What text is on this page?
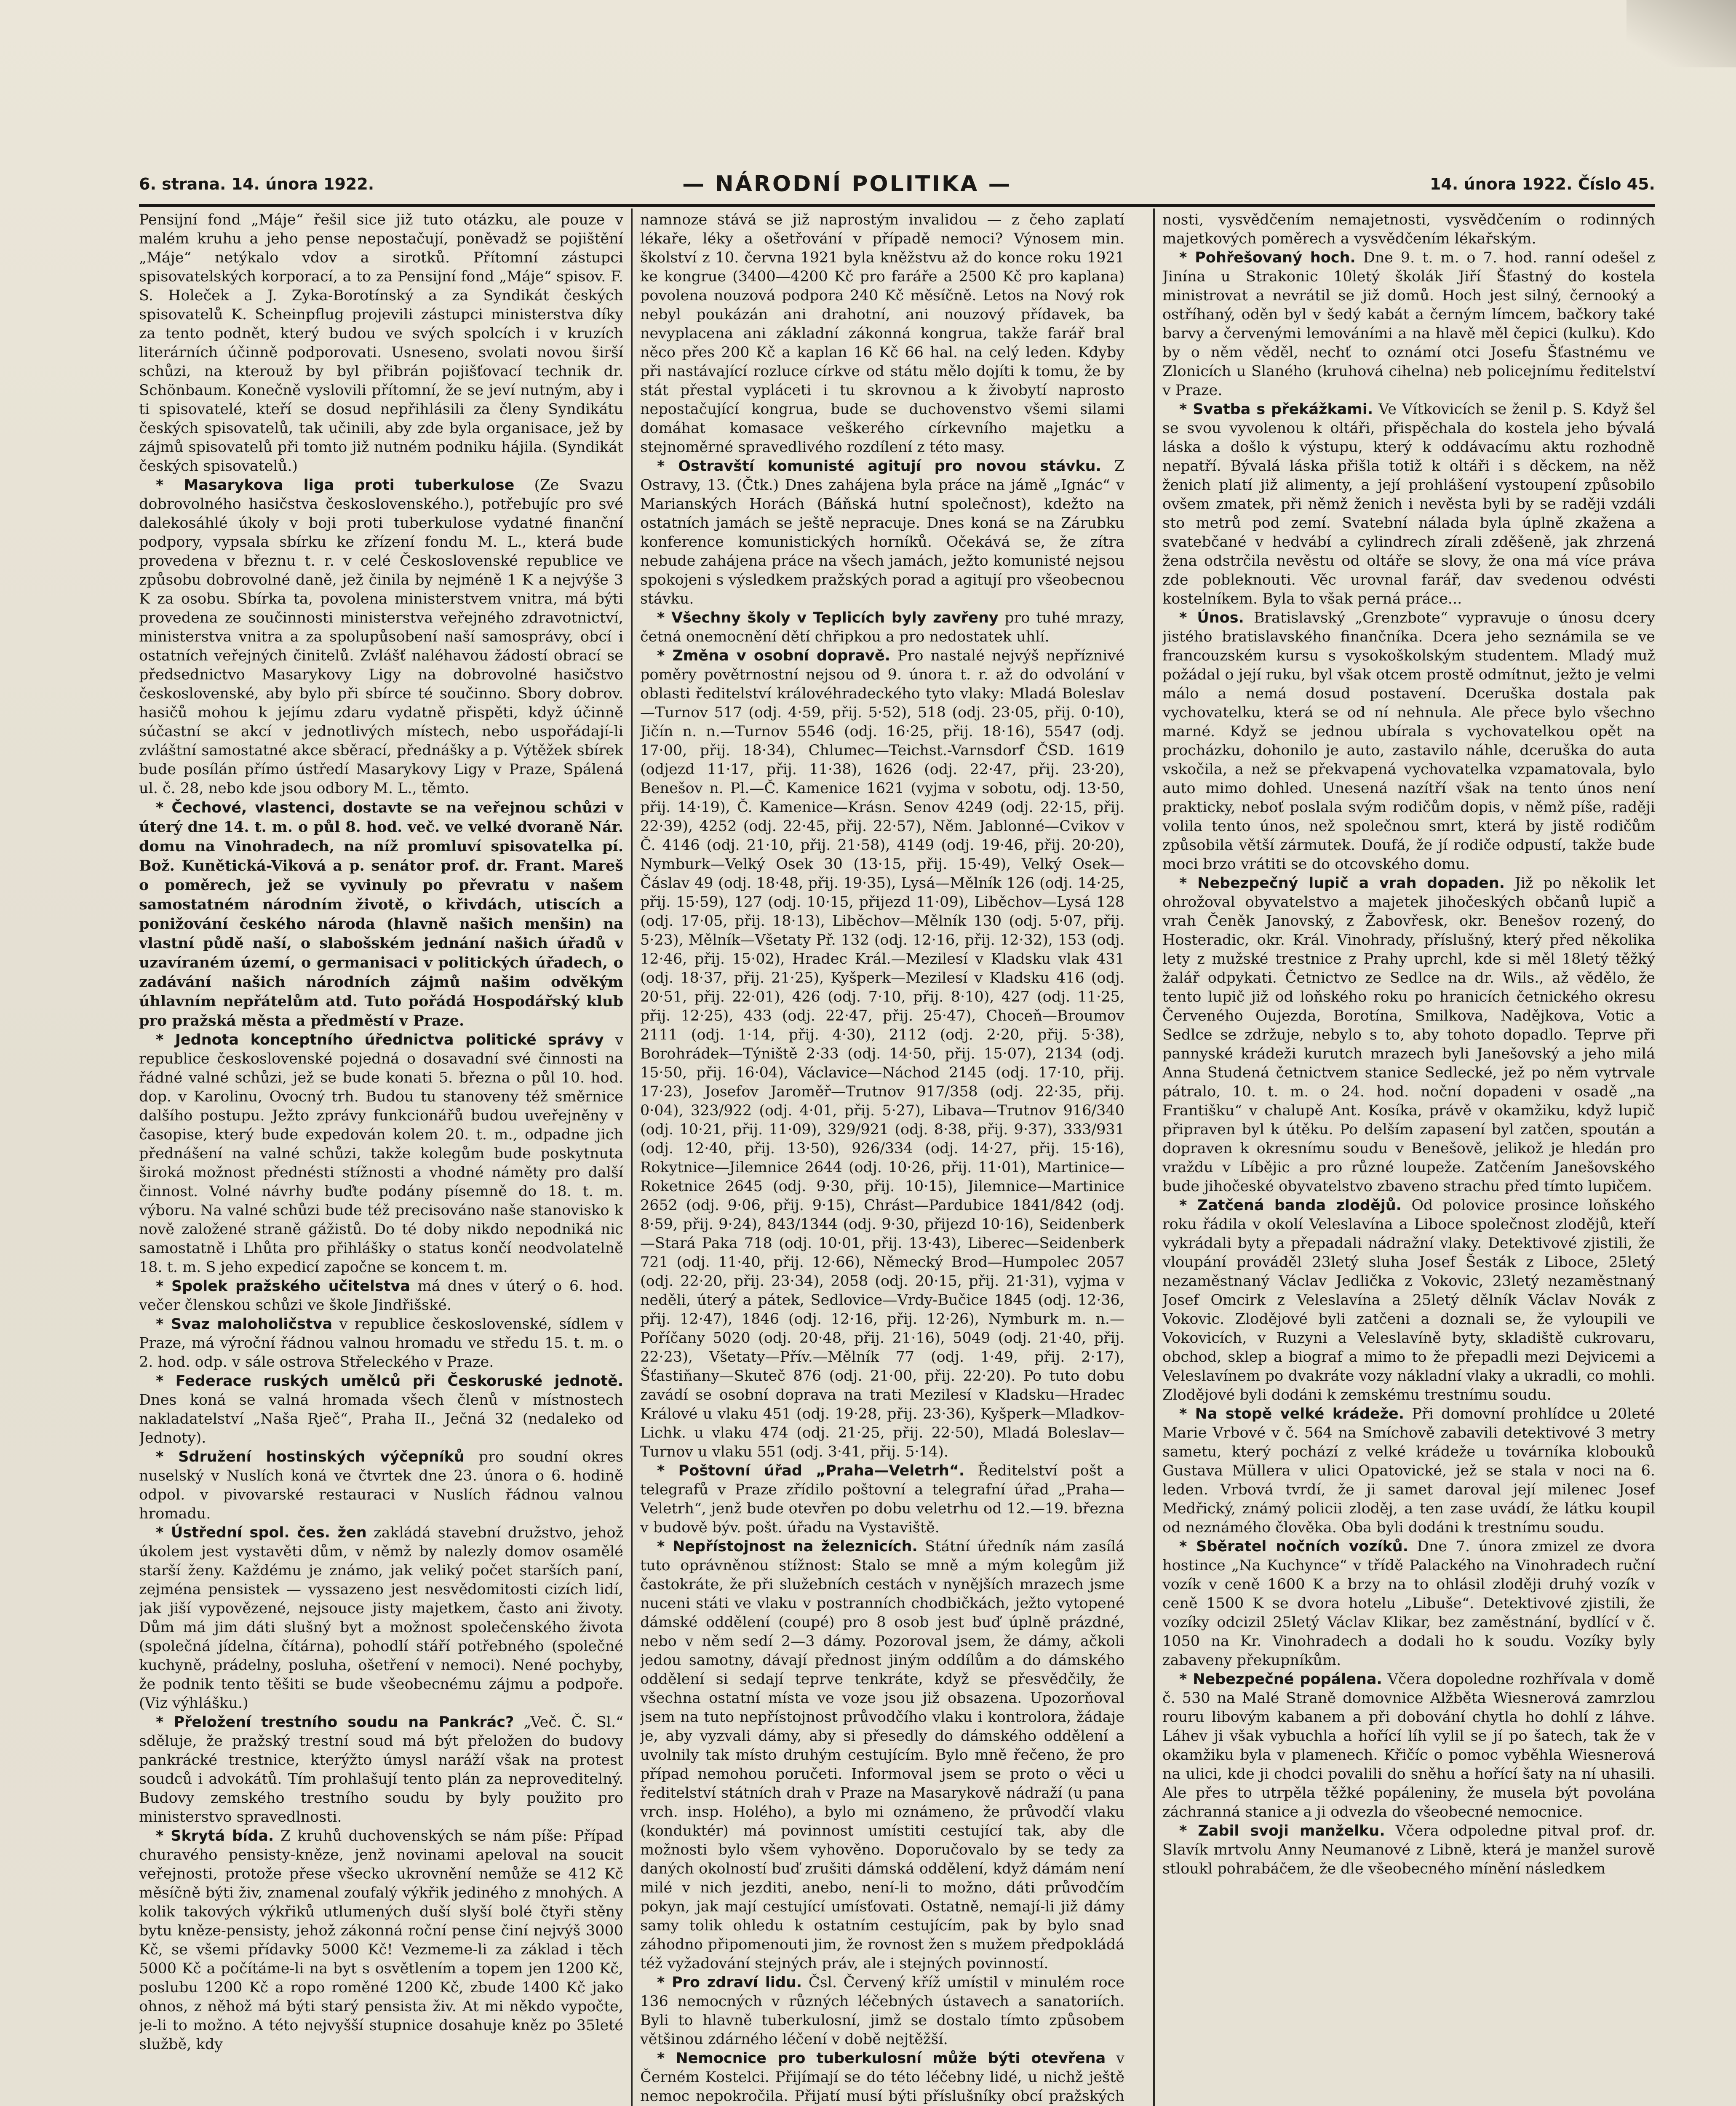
6. strana. 14. února 1922.	— NÁRODNÍ POLITIKA —	14. února 1922. Číslo 45.

Pensijní fond „Máje“ řešil sice již tuto otázku, ale pouze v malém kruhu a jeho pense nepostačují, poněvadž se pojištění „Máje“ netýkalo vdov a sirotků. Přítomní zástupci spisovatelských korporací, a to za Pensijní fond „Máje“ spisov. F. S. Holeček a J. Zyka-Borotínský a za Syndikát českých spisovatelů K. Scheinpflug projevili zástupci ministerstva díky za tento podnět, který budou ve svých spolcích i v kruzích literárních účinně podporovati. Usneseno, svolati novou širší schůzi, na kterouž by byl přibrán pojišťovací technik dr. Schönbaum. Konečně vyslovili přítomní, že se jeví nutným, aby i ti spisovatelé, kteří se dosud nepřihlásili za členy Syndikátu českých spisovatelů, tak učinili, aby zde byla organisace, jež by zájmů spisovatelů při tomto již nutném podniku hájila. (Syndikát českých spisovatelů.)

* Masarykova liga proti tuberkulose (Ze Svazu dobrovolného hasičstva československého.), potřebujíc pro své dalekosáhlé úkoly v boji proti tuberkulose vydatné finanční podpory, vypsala sbírku ke zřízení fondu M. L., která bude provedena v březnu t. r. v celé Československé republice ve způsobu dobrovolné daně, jež činila by nejméně 1 K a nejvýše 3 K za osobu. Sbírka ta, povolena ministerstvem vnitra, má býti provedena ze součinnosti ministerstva veřejného zdravotnictví, ministerstva vnitra a za spolupůsobení naší samosprávy, obcí i ostatních veřejných činitelů. Zvlášť naléhavou žádostí obrací se předsednictvo Masarykovy Ligy na dobrovolné hasičstvo československé, aby bylo při sbírce té součinno. Sbory dobrov. hasičů mohou k jejímu zdaru vydatně přispěti, když účinně súčastní se akcí v jednotlivých místech, nebo uspořádají-li zvláštní samostatné akce sběrací, přednášky a p. Výtěžek sbírek bude posílán přímo ústředí Masarykovy Ligy v Praze, Spálená ul. č. 28, nebo kde jsou odbory M. L., těmto.

* Čechové, vlastenci, dostavte se na veřejnou schůzi v úterý dne 14. t. m. o půl 8. hod. več. ve velké dvoraně Nár. domu na Vinohradech, na níž promluví spisovatelka pí. Bož. Kunětická-Viková a p. senátor prof. dr. Frant. Mareš o poměrech, jež se vyvinuly po převratu v našem samostatném národním životě, o křivdách, utiscích a ponižování českého národa (hlavně našich menšin) na vlastní půdě naší, o slabošském jednání našich úřadů v uzavíraném území, o germanisaci v politických úřadech, o zadávání našich národních zájmů našim odvěkým úhlavním nepřátelům atd. Tuto pořádá Hospodářský klub pro pražská města a předměstí v Praze.

* Jednota konceptního úřednictva politické správy v republice československé pojedná o dosavadní své činnosti na řádné valné schůzi, jež se bude konati 5. března o půl 10. hod. dop. v Karolinu, Ovocný trh. Budou tu stanoveny též směrnice dalšího postupu. Ježto zprávy funkcionářů budou uveřejněny v časopise, který bude expedován kolem 20. t. m., odpadne jich přednášení na valné schůzi, takže kolegům bude poskytnuta široká možnost přednésti stížnosti a vhodné náměty pro další činnost. Volné návrhy buďte podány písemně do 18. t. m. výboru. Na valné schůzi bude též precisováno naše stanovisko k nově založené straně gážistů. Do té doby nikdo nepodniká nic samostatně i Lhůta pro přihlášky o status končí neodvolatelně 18. t. m. S jeho expedicí započne se koncem t. m.

* Spolek pražského učitelstva má dnes v úterý o 6. hod. večer členskou schůzi ve škole Jindřišské.

* Svaz maloholičstva v republice československé, sídlem v Praze, má výroční řádnou valnou hromadu ve středu 15. t. m. o 2. hod. odp. v sále ostrova Střeleckého v Praze.

* Federace ruských umělců při Českoruské jednotě. Dnes koná se valná hromada všech členů v místnostech nakladatelství „Naša Rječ“, Praha II., Ječná 32 (nedaleko od Jednoty).

* Sdružení hostinských výčepníků pro soudní okres nuselský v Nuslích koná ve čtvrtek dne 23. února o 6. hodině odpol. v pivovarské restauraci v Nuslích řádnou valnou hromadu.

* Ústřední spol. čes. žen zakládá stavební družstvo, jehož úkolem jest vystavěti dům, v němž by nalezly domov osamělé starší ženy. Každému je známo, jak veliký počet starších paní, zejména pensistek — vyssazeno jest nesvědomitosti cizích lidí, jak jiší vypovězené, nejsouce jisty majetkem, často ani životy. Dům má jim dáti slušný byt a možnost společenského života (společná jídelna, čítárna), pohodlí stáří potřebného (společné kuchyně, prádelny, posluha, ošetření v nemoci). Nené pochyby, že podnik tento těšiti se bude všeobecnému zájmu a podpoře. (Viz výhlášku.)

* Přeložení trestního soudu na Pankrác? „Več. Č. Sl.“ sděluje, že pražský trestní soud má být přeložen do budovy pankrácké trestnice, kterýžto úmysl naráží však na protest soudců i advokátů. Tím prohlašují tento plán za neproveditelný. Budovy zemského trestního soudu by byly použito pro ministerstvo spravedlnosti.

* Skrytá bída. Z kruhů duchovenských se nám píše: Případ churavého pensisty-kněze, jenž novinami apeloval na soucit veřejnosti, protože přese všecko ukrovnění nemůže se 412 Kč měsíčně býti živ, znamenal zoufalý výkřik jediného z mnohých. A kolik takových výkřiků utlumených duší slyší bolé čtyři stěny bytu kněze-pensisty, jehož zákonná roční pense činí nejvýš 3000 Kč, se všemi přídavky 5000 Kč! Vezmeme-li za základ i těch 5000 Kč a počítáme-li na byt s osvětlením a topem jen 1200 Kč, poslubu 1200 Kč a ropo roměné 1200 Kč, zbude 1400 Kč jako ohnos, z něhož má býti starý pensista živ. At mi někdo vypočte, je-li to možno. A této nejvyšší stupnice dosahuje kněz po 35leté službě, kdy

namnoze stává se již naprostým invalidou — z čeho zaplatí lékaře, léky a ošetřování v případě nemoci? Výnosem min. školství z 10. června 1921 byla kněžstvu až do konce roku 1921 ke kongrue (3400—4200 Kč pro faráře a 2500 Kč pro kaplana) povolena nouzová podpora 240 Kč měsíčně. Letos na Nový rok nebyl poukázán ani drahotní, ani nouzový přídavek, ba nevyplacena ani základní zákonná kongrua, takže farář bral něco přes 200 Kč a kaplan 16 Kč 66 hal. na celý leden. Kdyby při nastávající rozluce církve od státu mělo dojíti k tomu, že by stát přestal vypláceti i tu skrovnou a k živobytí naprosto nepostačující kongrua, bude se duchovenstvo všemi silami domáhat komasace veškerého církevního majetku a stejnoměrné spravedlivého rozdílení z této masy.

* Ostravští komunisté agitují pro novou stávku. Z Ostravy, 13. (Čtk.) Dnes zahájena byla práce na jámě „Ignác“ v Marianských Horách (Báňská hutní společnost), kdežto na ostatních jamách se ještě nepracuje. Dnes koná se na Zárubku konference komunistických horníků. Očekává se, že zítra nebude zahájena práce na všech jamách, ježto komunisté nejsou spokojeni s výsledkem pražských porad a agitují pro všeobecnou stávku.

* Všechny školy v Teplicích byly zavřeny pro tuhé mrazy, četná onemocnění dětí chřipkou a pro nedostatek uhlí.

* Změna v osobní dopravě. Pro nastalé nejvýš nepříznivé poměry povětrnostní nejsou od 9. února t. r. až do odvolání v oblasti ředitelství královéhradeckého tyto vlaky: Mladá Boleslav—Turnov 517 (odj. 4·59, přij. 5·52), 518 (odj. 23·05, přij. 0·10), Jičín n. n.—Turnov 5546 (odj. 16·25, přij. 18·16), 5547 (odj. 17·00, přij. 18·34), Chlumec—Teichst.-Varnsdorf ČSD. 1619 (odjezd 11·17, přij. 11·38), 1626 (odj. 22·47, přij. 23·20), Benešov n. Pl.—Č. Kamenice 1621 (vyjma v sobotu, odj. 13·50, přij. 14·19), Č. Kamenice—Krásn. Senov 4249 (odj. 22·15, přij. 22·39), 4252 (odj. 22·45, přij. 22·57), Něm. Jablonné—Cvikov v Č. 4146 (odj. 21·10, přij. 21·58), 4149 (odj. 19·46, přij. 20·20), Nymburk—Velký Osek 30 (13·15, přij. 15·49), Velký Osek—Čáslav 49 (odj. 18·48, přij. 19·35), Lysá—Mělník 126 (odj. 14·25, přij. 15·59), 127 (odj. 10·15, přijezd 11·09), Liběchov—Lysá 128 (odj. 17·05, přij. 18·13), Liběchov—Mělník 130 (odj. 5·07, přij. 5·23), Mělník—Všetaty Př. 132 (odj. 12·16, přij. 12·32), 153 (odj. 12·46, přij. 15·02), Hradec Král.—Mezilesí v Kladsku vlak 431 (odj. 18·37, přij. 21·25), Kyšperk—Mezilesí v Kladsku 416 (odj. 20·51, přij. 22·01), 426 (odj. 7·10, přij. 8·10), 427 (odj. 11·25, přij. 12·25), 433 (odj. 22·47, přij. 25·47), Choceň—Broumov 2111 (odj. 1·14, přij. 4·30), 2112 (odj. 2·20, přij. 5·38), Borohrádek—Týniště 2·33 (odj. 14·50, přij. 15·07), 2134 (odj. 15·50, přij. 16·04), Václavice—Náchod 2145 (odj. 17·10, přij. 17·23), Josefov Jaroměř—Trutnov 917/358 (odj. 22·35, přij. 0·04), 323/922 (odj. 4·01, přij. 5·27), Libava—Trutnov 916/340 (odj. 10·21, přij. 11·09), 329/921 (odj. 8·38, přij. 9·37), 333/931 (odj. 12·40, přij. 13·50), 926/334 (odj. 14·27, přij. 15·16), Rokytnice—Jilemnice 2644 (odj. 10·26, přij. 11·01), Martinice—Roketnice 2645 (odj. 9·30, přij. 10·15), Jilemnice—Martinice 2652 (odj. 9·06, přij. 9·15), Chrást—Pardubice 1841/842 (odj. 8·59, přij. 9·24), 843/1344 (odj. 9·30, přijezd 10·16), Seidenberk—Stará Paka 718 (odj. 10·01, přij. 13·43), Liberec—Seidenberk 721 (odj. 11·40, přij. 12·66), Německý Brod—Humpolec 2057 (odj. 22·20, přij. 23·34), 2058 (odj. 20·15, přij. 21·31), vyjma v neděli, úterý a pátek, Sedlovice—Vrdy-Bučice 1845 (odj. 12·36, přij. 12·47), 1846 (odj. 12·16, přij. 12·26), Nymburk m. n.—Poříčany 5020 (odj. 20·48, přij. 21·16), 5049 (odj. 21·40, přij. 22·23), Všetaty—Přív.—Mělník 77 (odj. 1·49, přij. 2·17), Šťastiňany—Skuteč 876 (odj. 21·00, přij. 22·20). Po tuto dobu zavádí se osobní doprava na trati Mezilesí v Kladsku—Hradec Králové u vlaku 451 (odj. 19·28, přij. 23·36), Kyšperk—Mladkov-Lichk. u vlaku 474 (odj. 21·25, přij. 22·50), Mladá Boleslav—Turnov u vlaku 551 (odj. 3·41, přij. 5·14).

* Poštovní úřad „Praha—Veletrh“. Ředitelství pošt a telegrafů v Praze zřídilo poštovní a telegrafní úřad „Praha—Veletrh“, jenž bude otevřen po dobu veletrhu od 12.—19. března v budově býv. pošt. úřadu na Vystaviště.

* Nepřístojnost na železnicích. Státní úředník nám zasílá tuto oprávněnou stížnost: Stalo se mně a mým kolegům již častokráte, že při služebních cestách v nynějších mrazech jsme nuceni státi ve vlaku v postranních chodbičkách, ježto vytopené dámské oddělení (coupé) pro 8 osob jest buď úplně prázdné, nebo v něm sedí 2—3 dámy. Pozoroval jsem, že dámy, ačkoli jedou samotny, dávají přednost jiným oddílům a do dámského oddělení si sedají teprve tenkráte, když se přesvědčily, že všechna ostatní místa ve voze jsou již obsazena. Upozorňoval jsem na tuto nepřístojnost průvodčího vlaku i kontrolora, žádaje je, aby vyzvali dámy, aby si přesedly do dámského oddělení a uvolnily tak místo druhým cestujícím. Bylo mně řečeno, že pro případ nemohou poručeti. Informoval jsem se proto o věci u ředitelství státních drah v Praze na Masarykově nádraží (u pana vrch. insp. Holého), a bylo mi oznámeno, že průvodčí vlaku (konduktér) má povinnost umístiti cestující tak, aby dle možnosti bylo všem vyhověno. Doporučovalo by se tedy za daných okolností buď zrušiti dámská oddělení, když dámám není milé v nich jezditi, anebo, není-li to možno, dáti průvodčím pokyn, jak mají cestující umísťovati. Ostatně, nemají-li již dámy samy tolik ohledu k ostatním cestujícím, pak by bylo snad záhodno připomenouti jim, že rovnost žen s mužem předpokládá též vyžadování stejných práv, ale i stejných povinností.

* Pro zdraví lidu. Čsl. Červený kříž umístil v minulém roce 136 nemocných v různých léčebných ústavech a sanatoriích. Byli to hlavně tuberkulosní, jimž se dostalo tímto způsobem většinou zdárného léčení v době nejtěžší.

* Nemocnice pro tuberkulosní může býti otevřena v Černém Kostelci. Přijímají se do této léčebny lidé, u nichž ještě nemoc nepokročila. Přijatí musí býti příslušníky obcí pražských

nosti, vysvědčením nemajetnosti, vysvědčením o rodinných majetkových poměrech a vysvědčením lékařským.

* Pohřešovaný hoch. Dne 9. t. m. o 7. hod. ranní odešel z Jinína u Strakonic 10letý školák Jiří Šťastný do kostela ministrovat a nevrátil se již domů. Hoch jest silný, černooký a ostříhaný, oděn byl v šedý kabát a černým límcem, bačkory také barvy a červenými lemováními a na hlavě měl čepici (kulku). Kdo by o něm věděl, nechť to oznámí otci Josefu Šťastnému ve Zlonicích u Slaného (kruhová cihelna) neb policejnímu ředitelství v Praze.

* Svatba s překážkami. Ve Vítkovicích se ženil p. S. Když šel se svou vyvolenou k oltáři, přispěchala do kostela jeho bývalá láska a došlo k výstupu, který k oddávacímu aktu rozhodně nepatří. Bývalá láska přišla totiž k oltáři i s děckem, na něž ženich platí již alimenty, a její prohlášení vystoupení způsobilo ovšem zmatek, při němž ženich i nevěsta byli by se raději vzdáli sto metrů pod zemí. Svatební nálada byla úplně zkažena a svatebčané v hedvábí a cylindrech zírali zděšeně, jak zhrzená žena odstrčila nevěstu od oltáře se slovy, že ona má více práva zde pobleknouti. Věc urovnal farář, dav svedenou odvésti kostelníkem. Byla to však perná práce...

* Únos. Bratislavský „Grenzbote“ vypravuje o únosu dcery jistého bratislavského finančníka. Dcera jeho seznámila se ve francouzském kursu s vysokoškolským studentem. Mladý muž požádal o její ruku, byl však otcem prostě odmítnut, ježto je velmi málo a nemá dosud postavení. Dceruška dostala pak vychovatelku, která se od ní nehnula. Ale přece bylo všechno marné. Když se jednou ubírala s vychovatelkou opět na procházku, dohonilo je auto, zastavilo náhle, dceruška do auta vskočila, a než se překvapená vychovatelka vzpamatovala, bylo auto mimo dohled. Unesená nazítří však na tento únos není prakticky, neboť poslala svým rodičům dopis, v němž píše, raději volila tento únos, než společnou smrt, která by jistě rodičům způsobila větší zármutek. Doufá, že jí rodiče odpustí, takže bude moci brzo vrátiti se do otcovského domu.

* Nebezpečný lupič a vrah dopaden. Již po několik let ohrožoval obyvatelstvo a majetek jihočeských občanů lupič a vrah Čeněk Janovský, z Žabovřesk, okr. Benešov rozený, do Hosteradic, okr. Král. Vinohrady, příslušný, který před několika lety z mužské trestnice z Prahy uprchl, kde si měl 18letý těžký žalář odpykati. Četnictvo ze Sedlce na dr. Wils., až vědělo, že tento lupič již od loňského roku po hranicích četnického okresu Červeného Oujezda, Borotína, Smilkova, Nadějkova, Votic a Sedlce se zdržuje, nebylo s to, aby tohoto dopadlo. Teprve při pannyské krádeži kurutch mrazech byli Janešovský a jeho milá Anna Studená četnictvem stanice Sedlecké, jež po něm vytrvale pátralo, 10. t. m. o 24. hod. noční dopadeni v osadě „na Františku“ v chalupě Ant. Kosíka, právě v okamžiku, když lupič připraven byl k útěku. Po delším zapasení byl zatčen, spoután a dopraven k okresnímu soudu v Benešově, jelikož je hledán pro vraždu v Líbějic a pro různé loupeže. Zatčením Janešovského bude jihočeské obyvatelstvo zbaveno strachu před tímto lupičem.

* Zatčená banda zlodějů. Od polovice prosince loňského roku řádila v okolí Veleslavína a Liboce společnost zlodějů, kteří vykrádali byty a přepadali nádražní vlaky. Detektivové zjistili, že vloupání prováděl 23letý sluha Josef Šesták z Liboce, 25letý nezaměstnaný Václav Jedlička z Vokovic, 23letý nezaměstnaný Josef Omcirk z Veleslavína a 25letý dělník Václav Novák z Vokovic. Zlodějové byli zatčeni a doznali se, že vyloupili ve Vokovicích, v Ruzyni a Veleslavíně byty, skladiště cukrovaru, obchod, sklep a biograf a mimo to že přepadli mezi Dejvicemi a Veleslavínem po dvakráte vozy nákladní vlaky a ukradli, co mohli. Zlodějové byli dodáni k zemskému trestnímu soudu.

* Na stopě velké krádeže. Při domovní prohlídce u 20leté Marie Vrbové v č. 564 na Smíchově zabavili detektivové 3 metry sametu, který pochází z velké krádeže u továrníka klobouků Gustava Müllera v ulici Opatovické, jež se stala v noci na 6. leden. Vrbová tvrdí, že ji samet daroval její milenec Josef Medřický, známý policii zloděj, a ten zase uvádí, že látku koupil od neznámého člověka. Oba byli dodáni k trestnímu soudu.

* Sběratel nočních vozíků. Dne 7. února zmizel ze dvora hostince „Na Kuchynce“ v třídě Palackého na Vinohradech ruční vozík v ceně 1600 K a brzy na to ohlásil zloději druhý vozík v ceně 1500 K se dvora hotelu „Libuše“. Detektivové zjistili, že vozíky odcizil 25letý Václav Klikar, bez zaměstnání, bydlící v č. 1050 na Kr. Vinohradech a dodali ho k soudu. Vozíky byly zabaveny překupníkům.

* Nebezpečné popálena. Včera dopoledne rozhřívala v domě č. 530 na Malé Straně domovnice Alžběta Wiesnerová zamrzlou rouru libovým kabanem a při dobování chytla ho dohlí z láhve. Láhev ji však vybuchla a hořící líh vylil se jí po šatech, tak že v okamžiku byla v plamenech. Křičíc o pomoc vyběhla Wiesnerová na ulici, kde ji chodci povalili do sněhu a hořící šaty na ní uhasili. Ale přes to utrpěla těžké popáleniny, že musela být povolána záchranná stanice a ji odvezla do všeobecné nemocnice.

* Zabil svoji manželku. Včera odpoledne pitval prof. dr. Slavík mrtvolu Anny Neumanové z Libně, která je manžel surově stloukl pohrabáčem, že dle všeobecného mínění následkem
